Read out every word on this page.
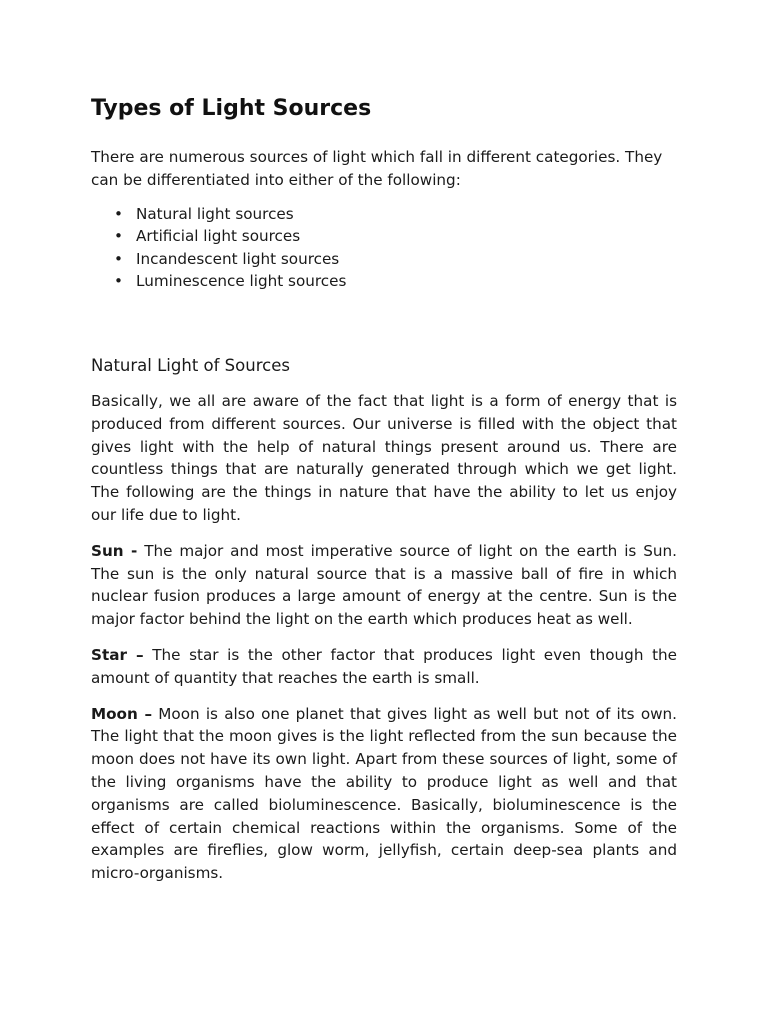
Types of Light Sources

There are numerous sources of light which fall in different categories. They can be differentiated into either of the following:

• Natural light sources
• Artificial light sources
• Incandescent light sources
• Luminescence light sources
Natural Light of Sources

Basically, we all are aware of the fact that light is a form of energy that is produced from different sources. Our universe is filled with the object that gives light with the help of natural things present around us. There are countless things that are naturally generated through which we get light. The following are the things in nature that have the ability to let us enjoy our life due to light.

Sun - The major and most imperative source of light on the earth is Sun. The sun is the only natural source that is a massive ball of fire in which nuclear fusion produces a large amount of energy at the centre. Sun is the major factor behind the light on the earth which produces heat as well.

Star – The star is the other factor that produces light even though the amount of quantity that reaches the earth is small.

Moon – Moon is also one planet that gives light as well but not of its own. The light that the moon gives is the light reflected from the sun because the moon does not have its own light. Apart from these sources of light, some of the living organisms have the ability to produce light as well and that organisms are called bioluminescence. Basically, bioluminescence is the effect of certain chemical reactions within the organisms. Some of the examples are fireflies, glow worm, jellyfish, certain deep-sea plants and micro-organisms.
